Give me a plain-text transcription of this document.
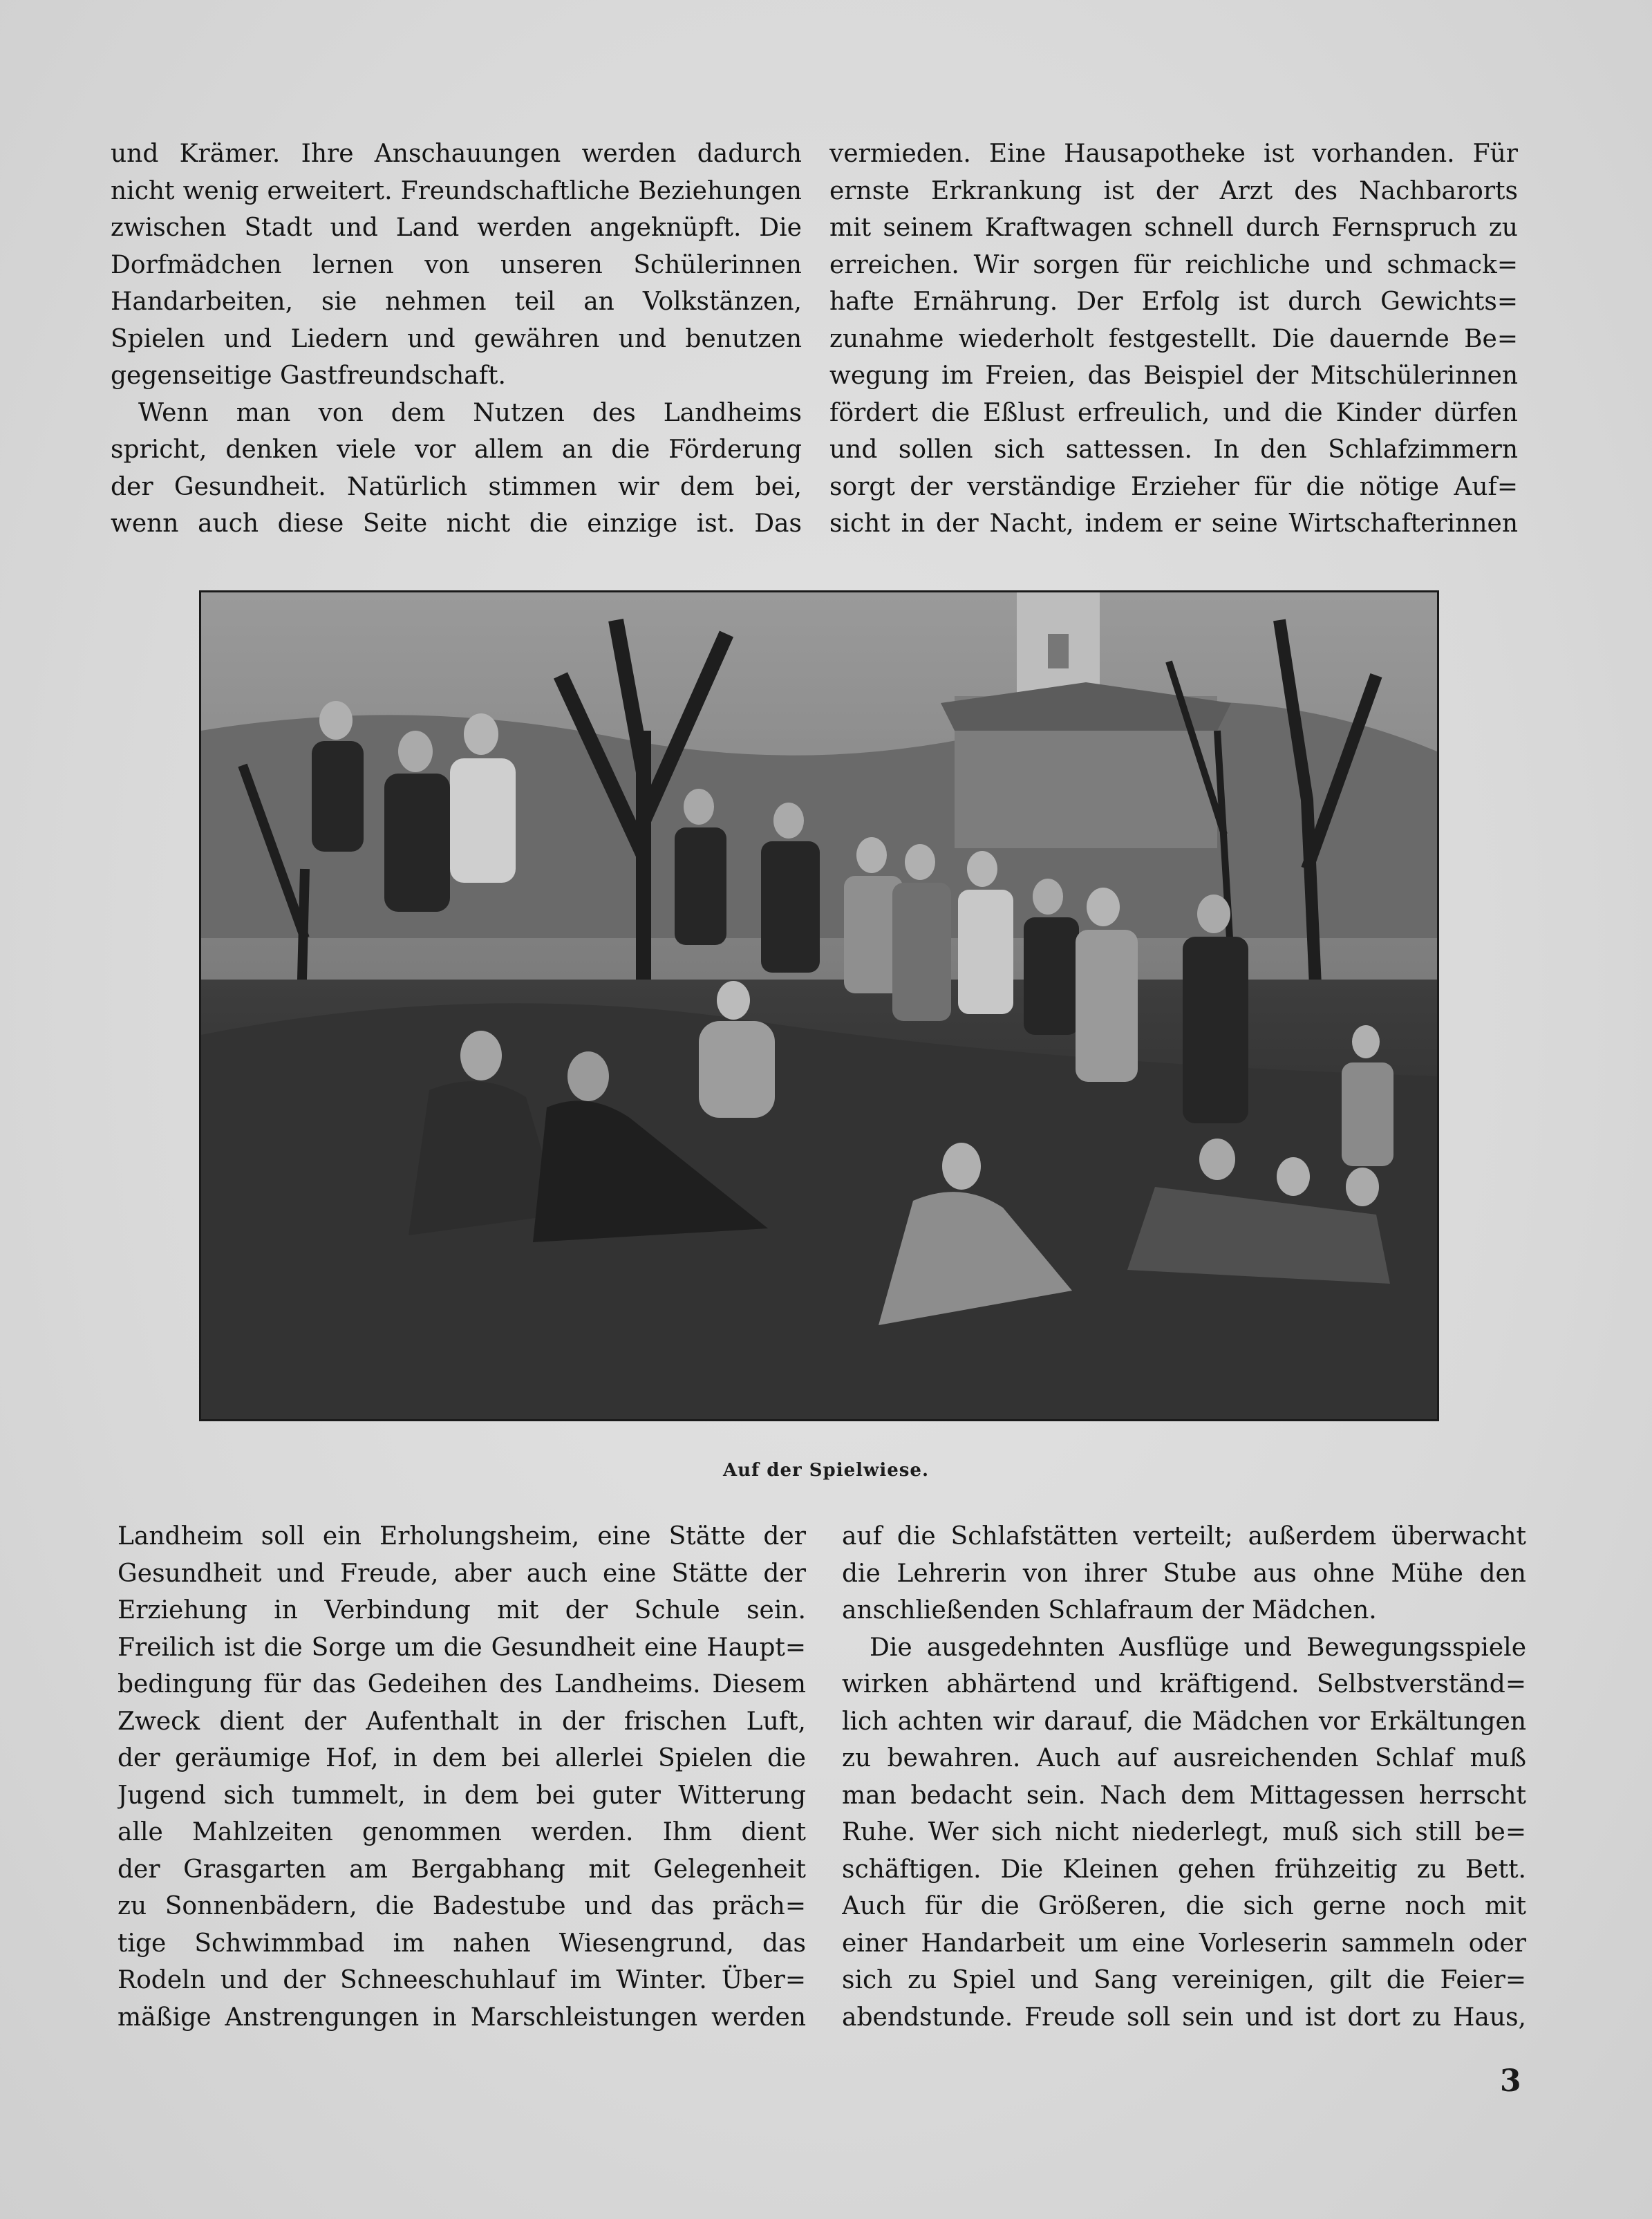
und Krämer. Ihre Anschauungen werden dadurch
nicht wenig erweitert. Freundschaftliche Beziehungen
zwischen Stadt und Land werden angeknüpft. Die
Dorfmädchen lernen von unseren Schülerinnen
Handarbeiten, sie nehmen teil an Volkstänzen,
Spielen und Liedern und gewähren und benutzen
gegenseitige Gastfreundschaft.
Wenn man von dem Nutzen des Landheims
spricht, denken viele vor allem an die Förderung
der Gesundheit. Natürlich stimmen wir dem bei,
wenn auch diese Seite nicht die einzige ist. Das
vermieden. Eine Hausapotheke ist vorhanden. Für
ernste Erkrankung ist der Arzt des Nachbarorts
mit seinem Kraftwagen schnell durch Fernspruch zu
erreichen. Wir sorgen für reichliche und schmack=
hafte Ernährung. Der Erfolg ist durch Gewichts=
zunahme wiederholt festgestellt. Die dauernde Be=
wegung im Freien, das Beispiel der Mitschülerinnen
fördert die Eßlust erfreulich, und die Kinder dürfen
und sollen sich sattessen. In den Schlafzimmern
sorgt der verständige Erzieher für die nötige Auf=
sicht in der Nacht, indem er seine Wirtschafterinnen
Auf der Spielwiese.
Landheim soll ein Erholungsheim, eine Stätte der
Gesundheit und Freude, aber auch eine Stätte der
Erziehung in Verbindung mit der Schule sein.
Freilich ist die Sorge um die Gesundheit eine Haupt=
bedingung für das Gedeihen des Landheims. Diesem
Zweck dient der Aufenthalt in der frischen Luft,
der geräumige Hof, in dem bei allerlei Spielen die
Jugend sich tummelt, in dem bei guter Witterung
alle Mahlzeiten genommen werden. Ihm dient
der Grasgarten am Bergabhang mit Gelegenheit
zu Sonnenbädern, die Badestube und das präch=
tige Schwimmbad im nahen Wiesengrund, das
Rodeln und der Schneeschuhlauf im Winter. Über=
mäßige Anstrengungen in Marschleistungen werden
auf die Schlafstätten verteilt; außerdem überwacht
die Lehrerin von ihrer Stube aus ohne Mühe den
anschließenden Schlafraum der Mädchen.
Die ausgedehnten Ausflüge und Bewegungsspiele
wirken abhärtend und kräftigend. Selbstverständ=
lich achten wir darauf, die Mädchen vor Erkältungen
zu bewahren. Auch auf ausreichenden Schlaf muß
man bedacht sein. Nach dem Mittagessen herrscht
Ruhe. Wer sich nicht niederlegt, muß sich still be=
schäftigen. Die Kleinen gehen frühzeitig zu Bett.
Auch für die Größeren, die sich gerne noch mit
einer Handarbeit um eine Vorleserin sammeln oder
sich zu Spiel und Sang vereinigen, gilt die Feier=
abendstunde. Freude soll sein und ist dort zu Haus,
3
